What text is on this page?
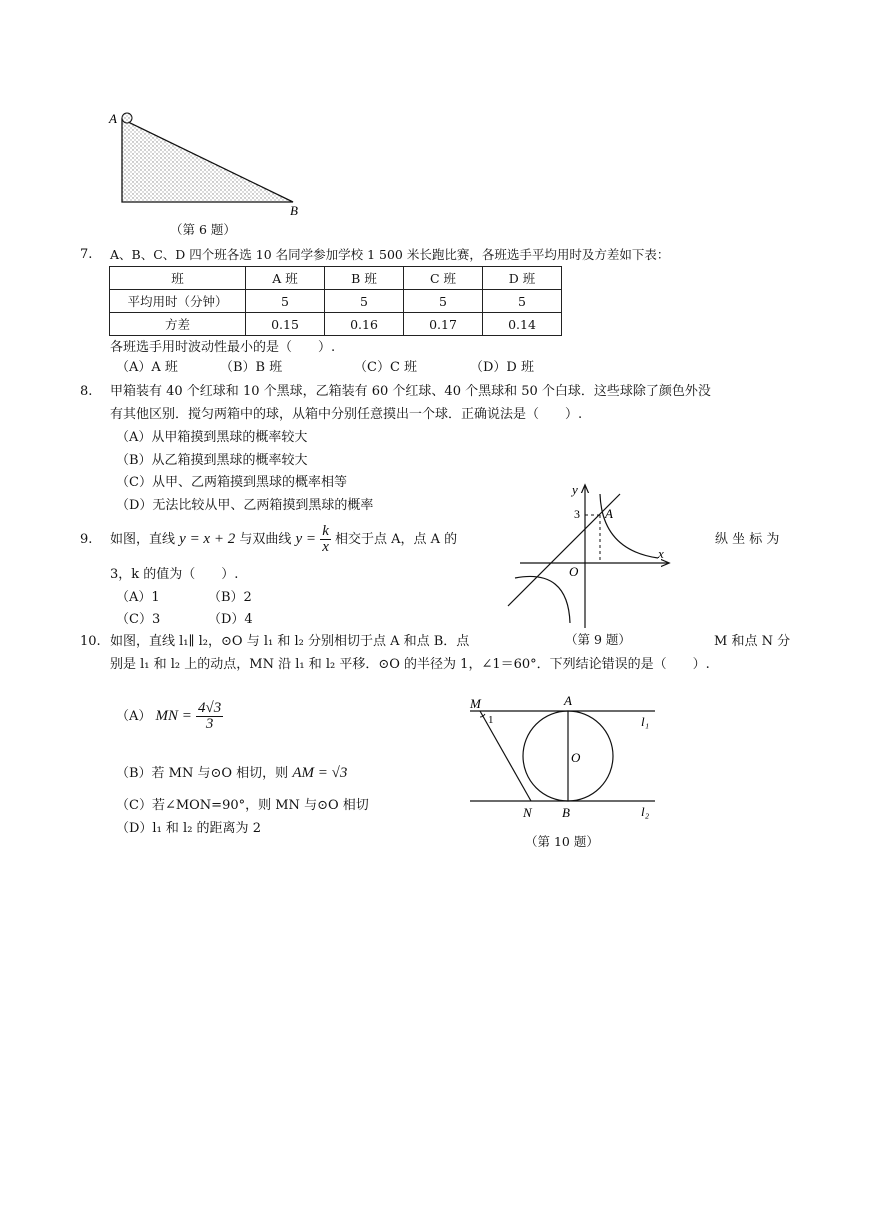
A
B
（第 6 题）
7. A、B、C、D 四个班各选 10 名同学参加学校 1 500 米长跑比赛，各班选手平均用时及方差如下表：
班	A 班	B 班	C 班	D 班
平均用时（分钟）	5	5	5	5
方差	0.15	0.16	0.17	0.14
各班选手用时波动性最小的是（　　）.
（A）A 班	（B）B 班	（C）C 班	（D）D 班
8. 甲箱装有 40 个红球和 10 个黑球，乙箱装有 60 个红球、40 个黑球和 50 个白球．这些球除了颜色外没
有其他区别．搅匀两箱中的球，从箱中分别任意摸出一个球．正确说法是（　　）.
（A）从甲箱摸到黑球的概率较大
（B）从乙箱摸到黑球的概率较大
（C）从甲、乙两箱摸到黑球的概率相等
（D）无法比较从甲、乙两箱摸到黑球的概率
9. 如图，直线 y = x + 2 与双曲线 $y = \frac{k}{x}$ 相交于点 A，点 A 的	纵 坐 标 为
3，k 的值为（　　）.
（A）1	（B）2
（C）3	（D）4
y
x
O
A
3
（第 9 题）
10. 如图，直线 l₁∥ l₂，⊙O 与 l₁ 和 l₂ 分别相切于点 A 和点 B．点	M 和点 N 分
别是 l₁ 和 l₂ 上的动点，MN 沿 l₁ 和 l₂ 平移．⊙O 的半径为 1，∠1＝60°．下列结论错误的是（　　）.
（A） MN = $\frac{4√3}{3}$
（B）若 MN 与⊙O 相切，则 AM = √3
（C）若∠MON=90°，则 MN 与⊙O 相切
（D）l₁ 和 l₂ 的距离为 2
M
1
A
O
l₁
N B	l₂
（第 10 题）
